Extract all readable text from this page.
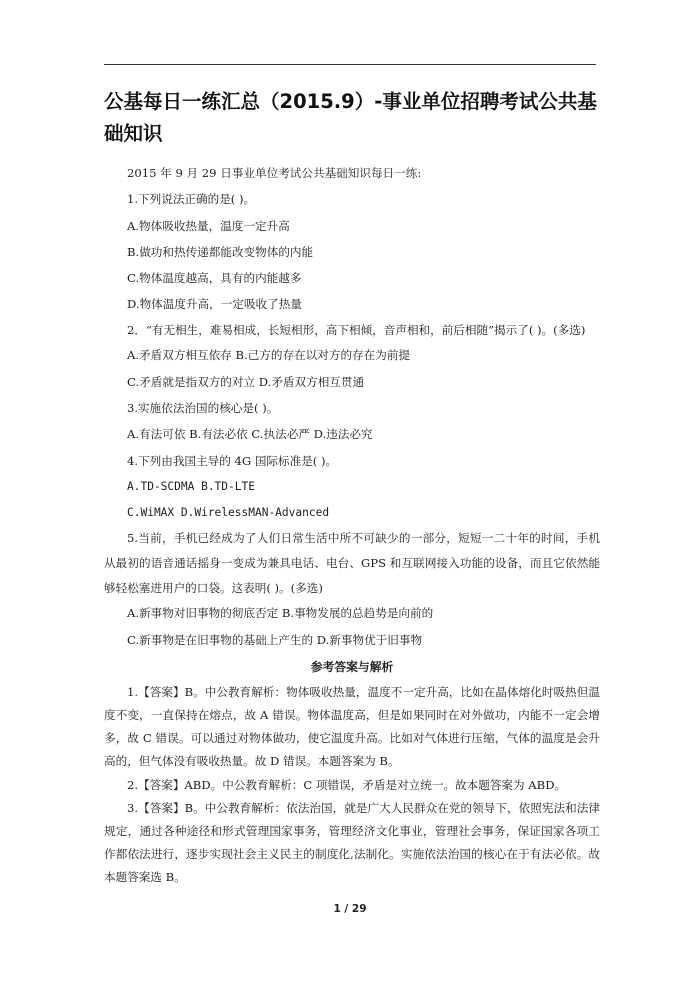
公基每日一练汇总（2015.9）-事业单位招聘考试公共基础知识

2015 年 9 月 29 日事业单位考试公共基础知识每日一练:

1.下列说法正确的是( )。

A.物体吸收热量，温度一定升高

B.做功和热传递都能改变物体的内能

C.物体温度越高，具有的内能越多

D.物体温度升高，一定吸收了热量

2．“有无相生，难易相成，长短相形，高下相倾，音声相和，前后相随”揭示了( )。(多选)

A.矛盾双方相互依存 B.己方的存在以对方的存在为前提

C.矛盾就是指双方的对立 D.矛盾双方相互贯通

3.实施依法治国的核心是( )。

A.有法可依 B.有法必依 C.执法必严 D.违法必究

4.下列由我国主导的 4G 国际标准是( )。

A.TD-SCDMA B.TD-LTE

C.WiMAX D.WirelessMAN-Advanced

5.当前，手机已经成为了人们日常生活中所不可缺少的一部分，短短一二十年的时间，手机从最初的语音通话摇身一变成为兼具电话、电台、GPS 和互联网接入功能的设备，而且它依然能够轻松塞进用户的口袋。这表明( )。(多选)

A.新事物对旧事物的彻底否定 B.事物发展的总趋势是向前的

C.新事物是在旧事物的基础上产生的 D.新事物优于旧事物

参考答案与解析

1.【答案】B。中公教育解析：物体吸收热量，温度不一定升高，比如在晶体熔化时吸热但温度不变，一直保持在熔点，故 A 错误。物体温度高，但是如果同时在对外做功，内能不一定会增多，故 C 错误。可以通过对物体做功，使它温度升高。比如对气体进行压缩，气体的温度是会升高的，但气体没有吸收热量。故 D 错误。本题答案为 B。

2.【答案】ABD。中公教育解析：C 项错误，矛盾是对立统一。故本题答案为 ABD。

3.【答案】B。中公教育解析：依法治国，就是广大人民群众在党的领导下，依照宪法和法律规定，通过各种途径和形式管理国家事务，管理经济文化事业，管理社会事务，保证国家各项工作都依法进行，逐步实现社会主义民主的制度化,法制化。实施依法治国的核心在于有法必依。故本题答案选 B。

1 / 29
